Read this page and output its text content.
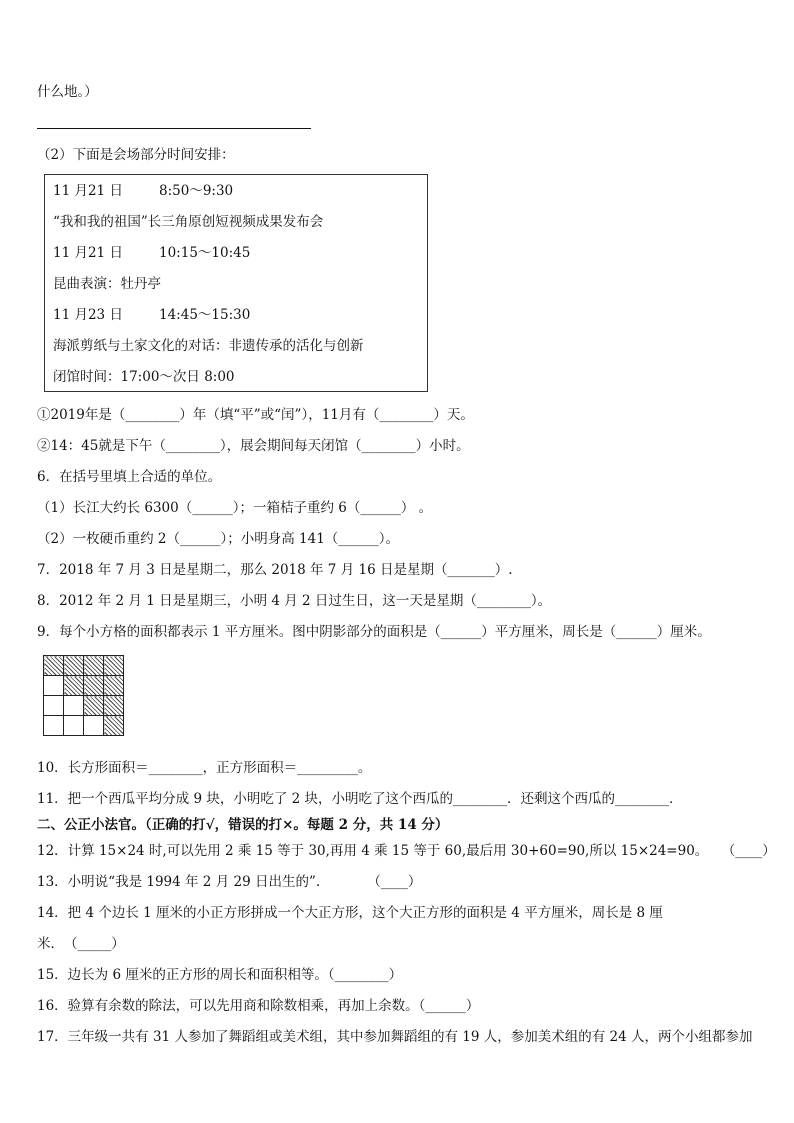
什么地。）
（2）下面是会场部分时间安排：
11 月21 日	8:50～9:30
“我和我的祖国”长三角原创短视频成果发布会
11 月21 日	10:15～10:45
昆曲表演：牡丹亭
11 月23 日	14:45～15:30
海派剪纸与土家文化的对话：非遗传承的活化与创新
闭馆时间：17:00～次日 8:00
①2019年是（________）年（填“平”或“闰”），11月有（________）天。
②14：45就是下午（________），展会期间每天闭馆（________）小时。
6．在括号里填上合适的单位。
（1）长江大约长 6300（______）；一箱桔子重约 6（______） 。
（2）一枚硬币重约 2（______）；小明身高 141（______）。
7．2018 年 7 月 3 日是星期二，那么 2018 年 7 月 16 日是星期（_______）.
8．2012 年 2 月 1 日是星期三，小明 4 月 2 日过生日，这一天是星期（________）。
9．每个小方格的面积都表示 1 平方厘米。图中阴影部分的面积是（______）平方厘米，周长是（______）厘米。

10．长方形面积＝________，正方形面积＝_________。
11．把一个西瓜平均分成 9 块，小明吃了 2 块，小明吃了这个西瓜的________．还剩这个西瓜的________．
二、公正小法官。（正确的打√，错误的打×。每题 2 分，共 14 分）
12．计算 15×24 时,可以先用 2 乘 15 等于 30,再用 4 乘 15 等于 60,最后用 30+60=90,所以 15×24=90。　　（____）
13．小明说“我是 1994 年 2 月 29 日出生的”.　　　　（____）
14．把 4 个边长 1 厘米的小正方形拼成一个大正方形，这个大正方形的面积是 4 平方厘米，周长是 8 厘
米．　（_____）
15．边长为 6 厘米的正方形的周长和面积相等。（________）
16．验算有余数的除法，可以先用商和除数相乘，再加上余数。（______）
17．三年级一共有 31 人参加了舞蹈组或美术组，其中参加舞蹈组的有 19 人，参加美术组的有 24 人，两个小组都参加
